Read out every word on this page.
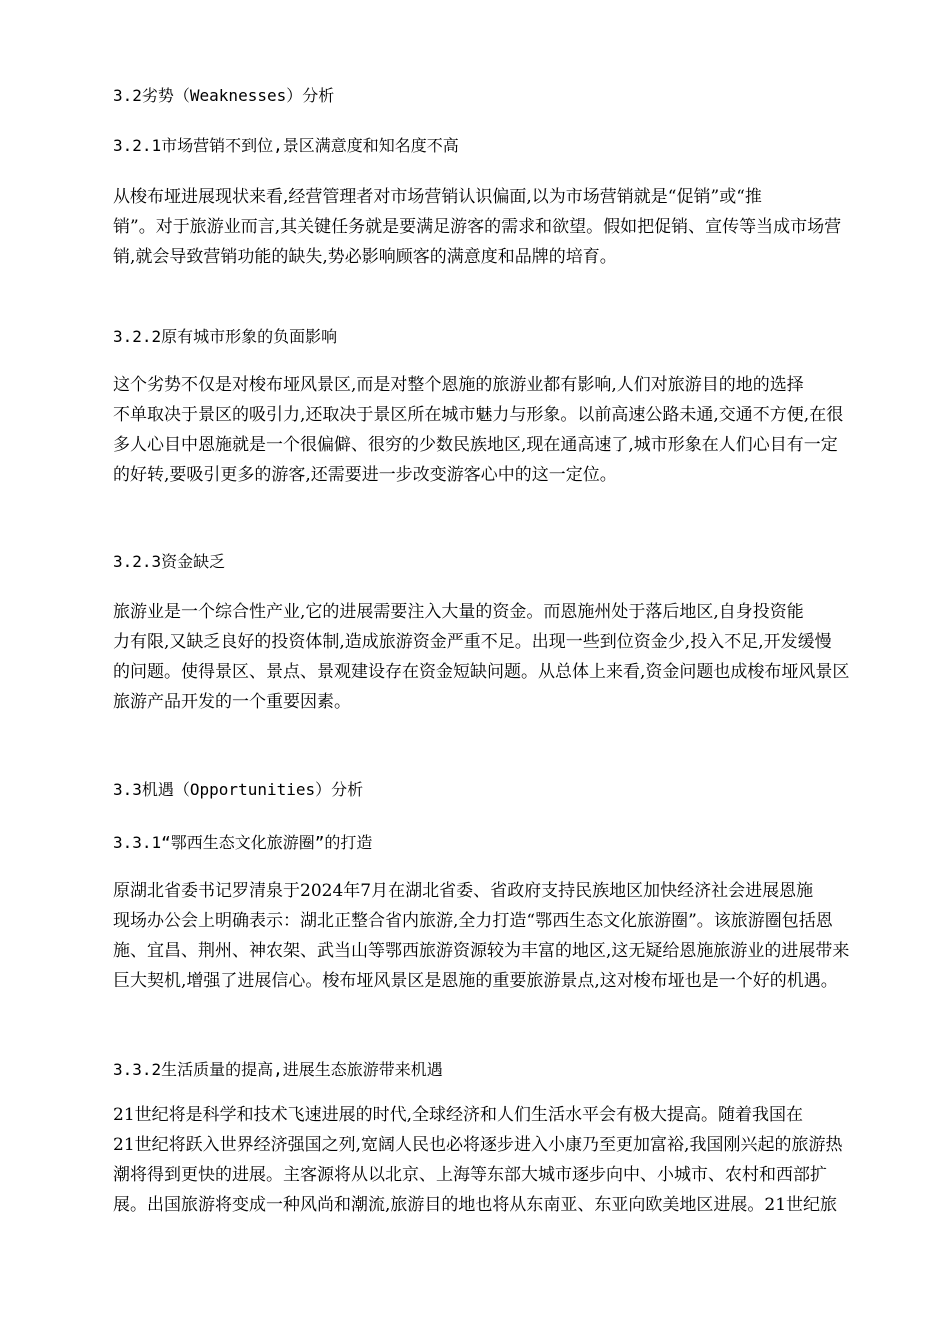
3.2劣势（Weaknesses）分析
3.2.1市场营销不到位,景区满意度和知名度不高
从梭布垭进展现状来看,经营管理者对市场营销认识偏面,以为市场营销就是“促销”或“推
销”。对于旅游业而言,其关键任务就是要满足游客的需求和欲望。假如把促销、宣传等当成市场营
销,就会导致营销功能的缺失,势必影响顾客的满意度和品牌的培育。
3.2.2原有城市形象的负面影响
这个劣势不仅是对梭布垭风景区,而是对整个恩施的旅游业都有影响,人们对旅游目的地的选择
不单取决于景区的吸引力,还取决于景区所在城市魅力与形象。以前高速公路未通,交通不方便,在很
多人心目中恩施就是一个很偏僻、很穷的少数民族地区,现在通高速了,城市形象在人们心目有一定
的好转,要吸引更多的游客,还需要进一步改变游客心中的这一定位。
3.2.3资金缺乏
旅游业是一个综合性产业,它的进展需要注入大量的资金。而恩施州处于落后地区,自身投资能
力有限,又缺乏良好的投资体制,造成旅游资金严重不足。出现一些到位资金少,投入不足,开发缓慢
的问题。使得景区、景点、景观建设存在资金短缺问题。从总体上来看,资金问题也成梭布垭风景区
旅游产品开发的一个重要因素。
3.3机遇（Opportunities）分析
3.3.1“鄂西生态文化旅游圈”的打造
原湖北省委书记罗清泉于2024年7月在湖北省委、省政府支持民族地区加快经济社会进展恩施
现场办公会上明确表示：湖北正整合省内旅游,全力打造“鄂西生态文化旅游圈”。该旅游圈包括恩
施、宜昌、荆州、神农架、武当山等鄂西旅游资源较为丰富的地区,这无疑给恩施旅游业的进展带来
巨大契机,增强了进展信心。梭布垭风景区是恩施的重要旅游景点,这对梭布垭也是一个好的机遇。
3.3.2生活质量的提高,进展生态旅游带来机遇
21世纪将是科学和技术飞速进展的时代,全球经济和人们生活水平会有极大提高。随着我国在
21世纪将跃入世界经济强国之列,宽阔人民也必将逐步进入小康乃至更加富裕,我国刚兴起的旅游热
潮将得到更快的进展。主客源将从以北京、上海等东部大城市逐步向中、小城市、农村和西部扩
展。出国旅游将变成一种风尚和潮流,旅游目的地也将从东南亚、东亚向欧美地区进展。21世纪旅
